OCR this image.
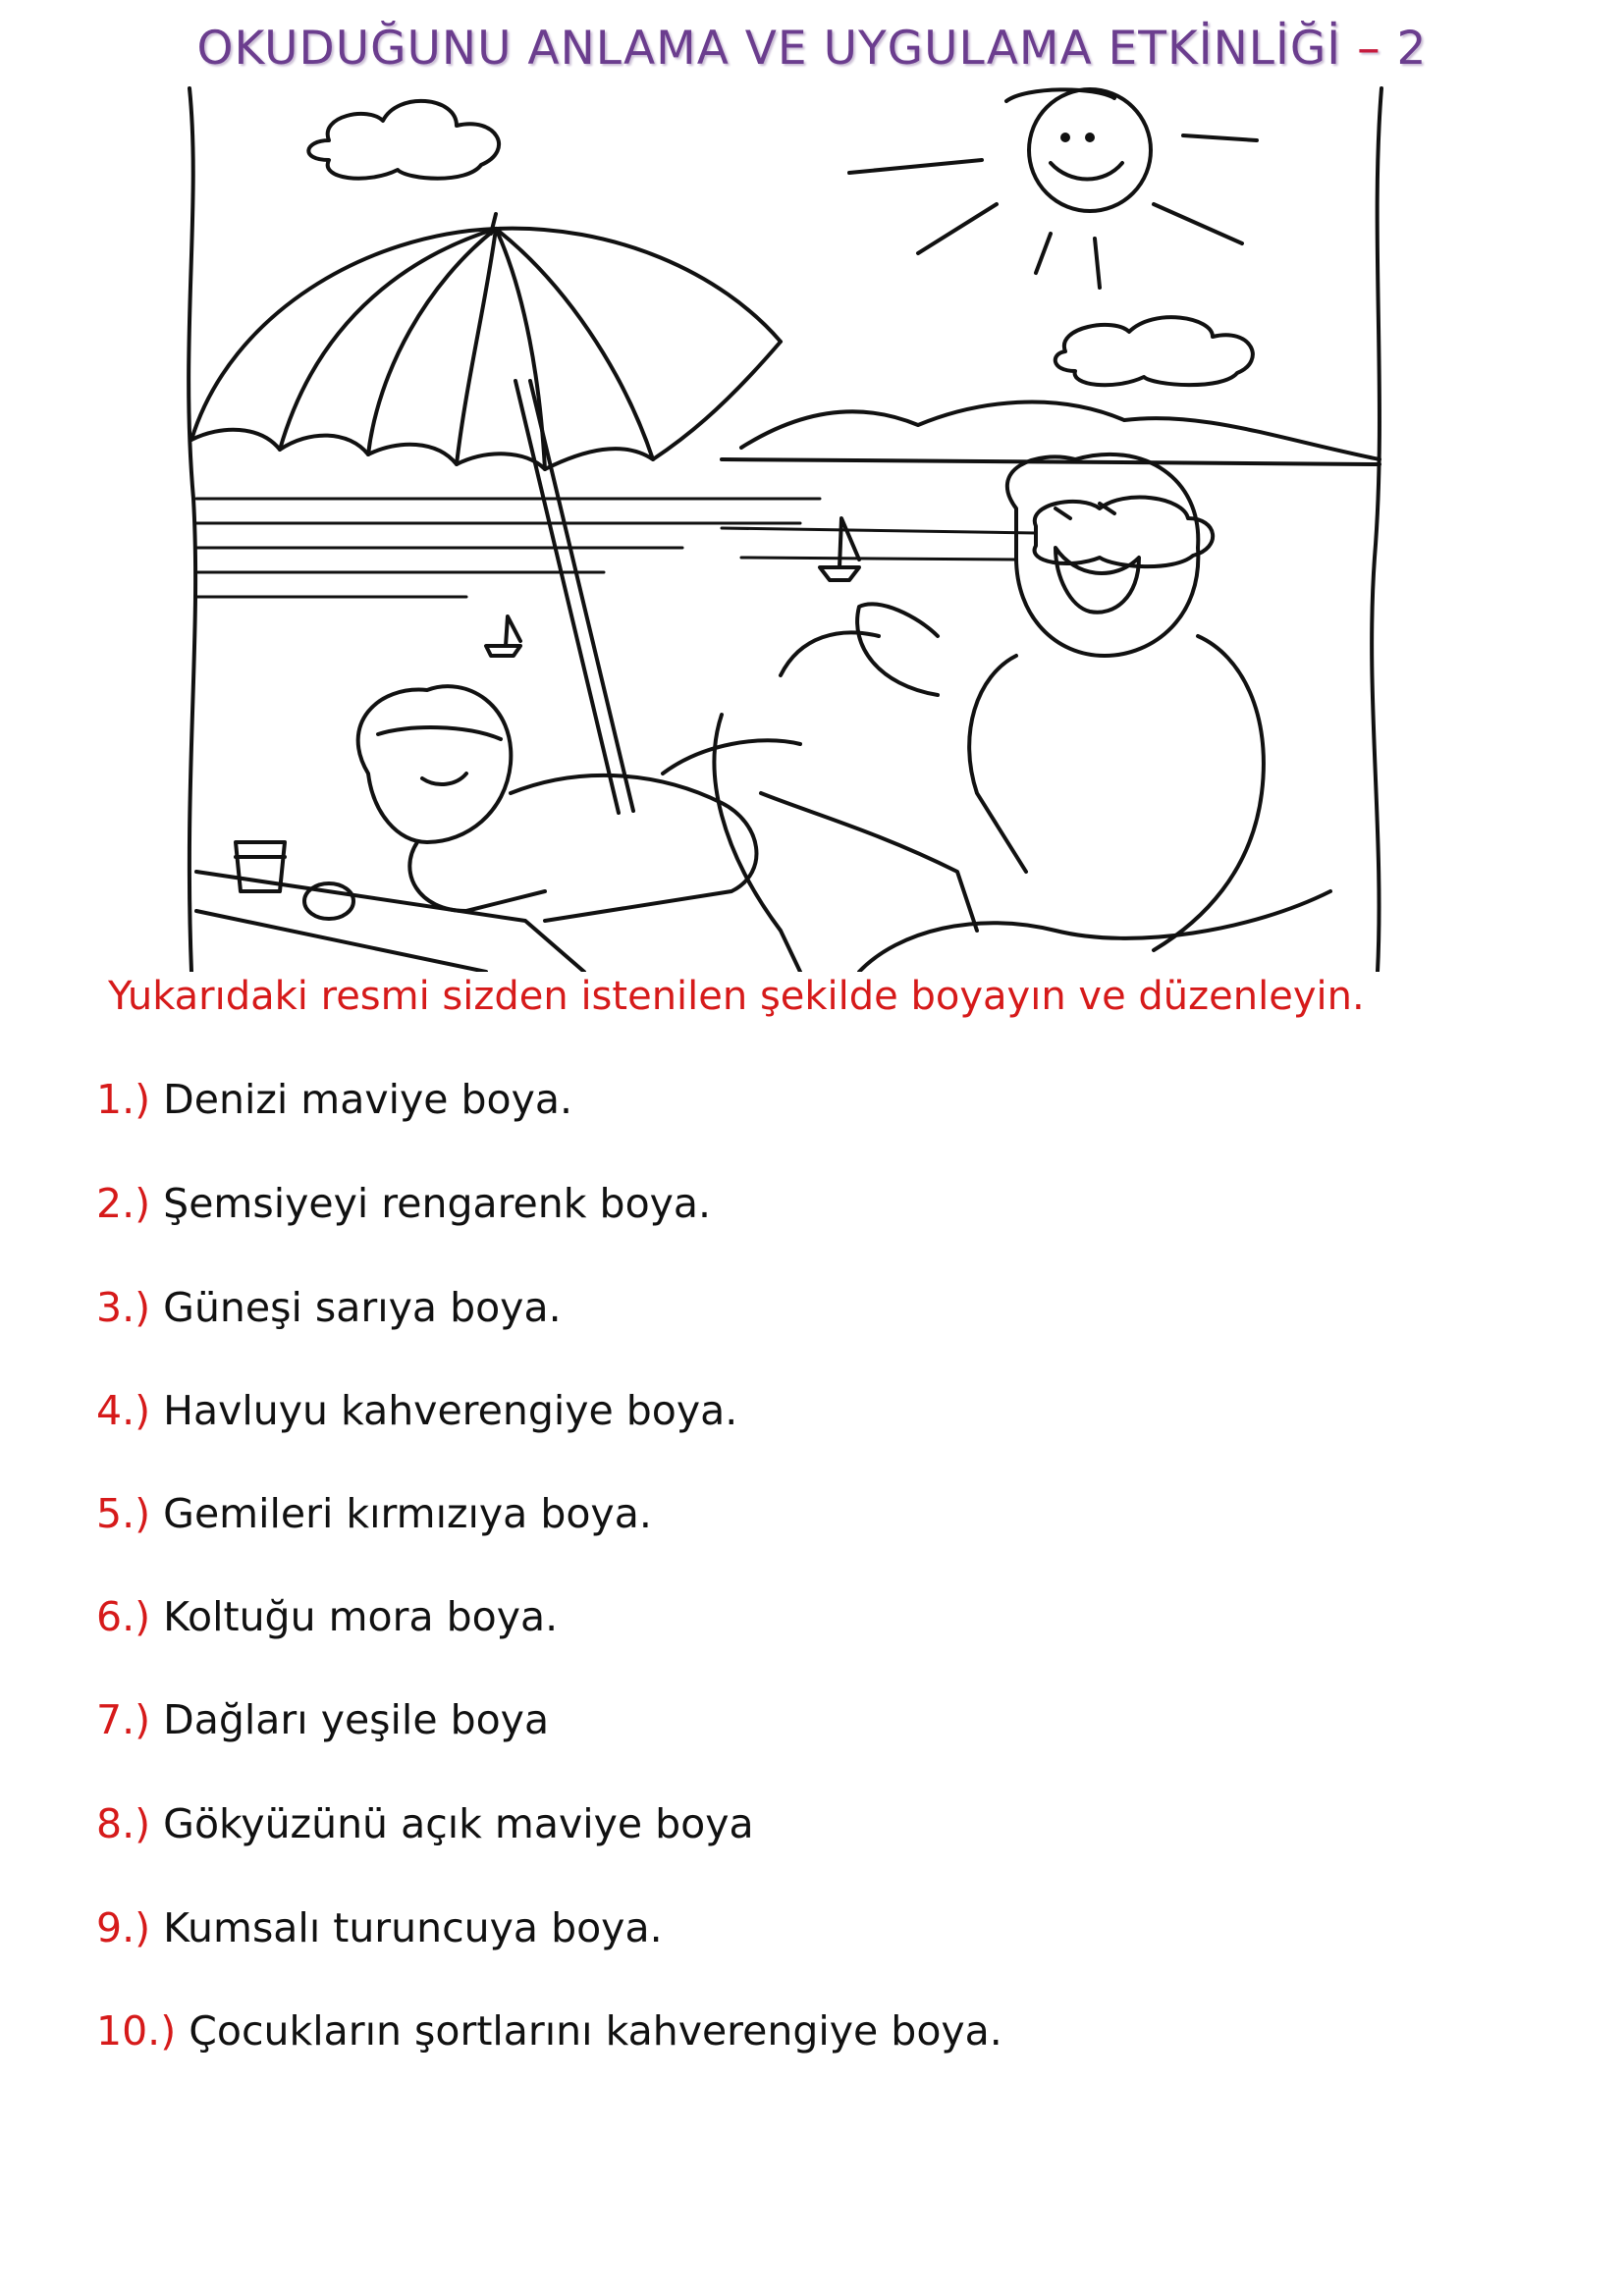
OKUDUĞUNU ANLAMA VE UYGULAMA ETKİNLİĞİ – 2
Yukarıdaki resmi sizden istenilen şekilde boyayın ve düzenleyin.
1.) Denizi maviye boya.
2.) Şemsiyeyi rengarenk boya.
3.) Güneşi sarıya boya.
4.) Havluyu kahverengiye boya.
5.) Gemileri kırmızıya boya.
6.) Koltuğu mora boya.
7.) Dağları yeşile boya
8.) Gökyüzünü açık maviye boya
9.) Kumsalı turuncuya boya.
10.) Çocukların şortlarını kahverengiye boya.
